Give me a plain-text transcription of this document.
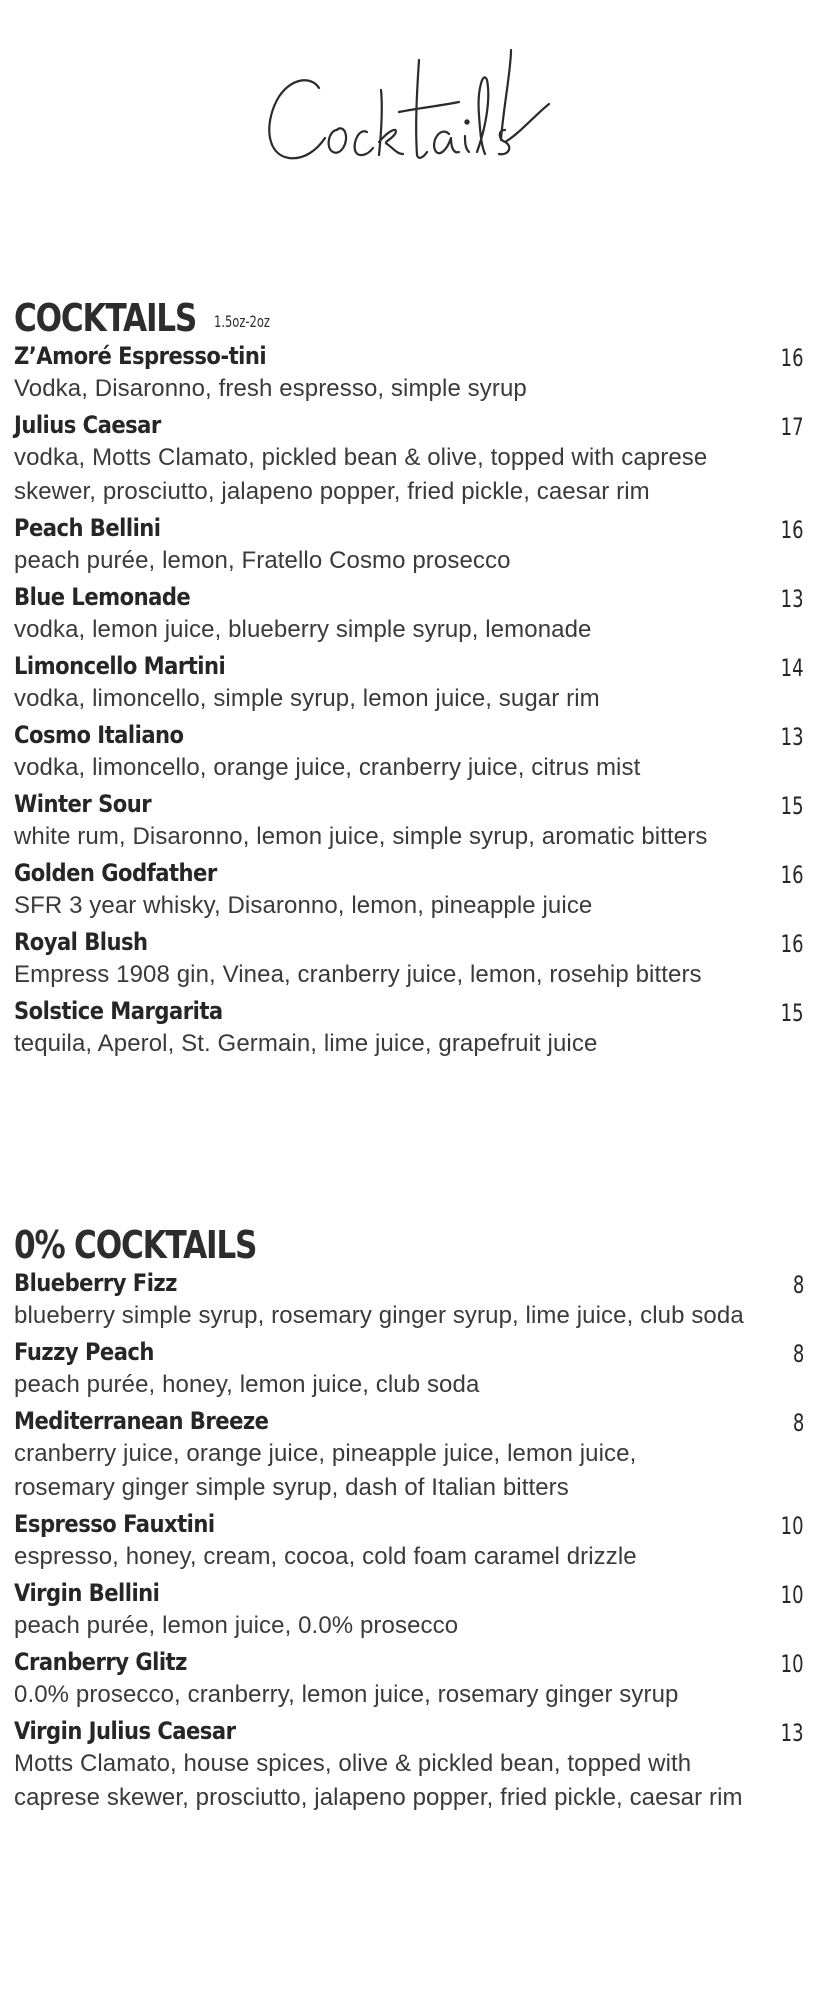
COCKTAILS 1.5oz-2oz
Z’Amoré Espresso-tini	16
Vodka, Disaronno, fresh espresso, simple syrup
Julius Caesar	17
vodka, Motts Clamato, pickled bean & olive, topped with caprese
skewer, prosciutto, jalapeno popper, fried pickle, caesar rim
Peach Bellini	16
peach purée, lemon, Fratello Cosmo prosecco
Blue Lemonade	13
vodka, lemon juice, blueberry simple syrup, lemonade
Limoncello Martini	14
vodka, limoncello, simple syrup, lemon juice, sugar rim
Cosmo Italiano	13
vodka, limoncello, orange juice, cranberry juice, citrus mist
Winter Sour	15
white rum, Disaronno, lemon juice, simple syrup, aromatic bitters
Golden Godfather	16
SFR 3 year whisky, Disaronno, lemon, pineapple juice
Royal Blush	16
Empress 1908 gin, Vinea, cranberry juice, lemon, rosehip bitters
Solstice Margarita	15
tequila, Aperol, St. Germain, lime juice, grapefruit juice
0% COCKTAILS
Blueberry Fizz	8
blueberry simple syrup, rosemary ginger syrup, lime juice, club soda
Fuzzy Peach	8
peach purée, honey, lemon juice, club soda
Mediterranean Breeze	8
cranberry juice, orange juice, pineapple juice, lemon juice,
rosemary ginger simple syrup, dash of Italian bitters
Espresso Fauxtini	10
espresso, honey, cream, cocoa, cold foam caramel drizzle
Virgin Bellini	10
peach purée, lemon juice, 0.0% prosecco
Cranberry Glitz	10
0.0% prosecco, cranberry, lemon juice, rosemary ginger syrup
Virgin Julius Caesar	13
Motts Clamato, house spices, olive & pickled bean, topped with
caprese skewer, prosciutto, jalapeno popper, fried pickle, caesar rim
